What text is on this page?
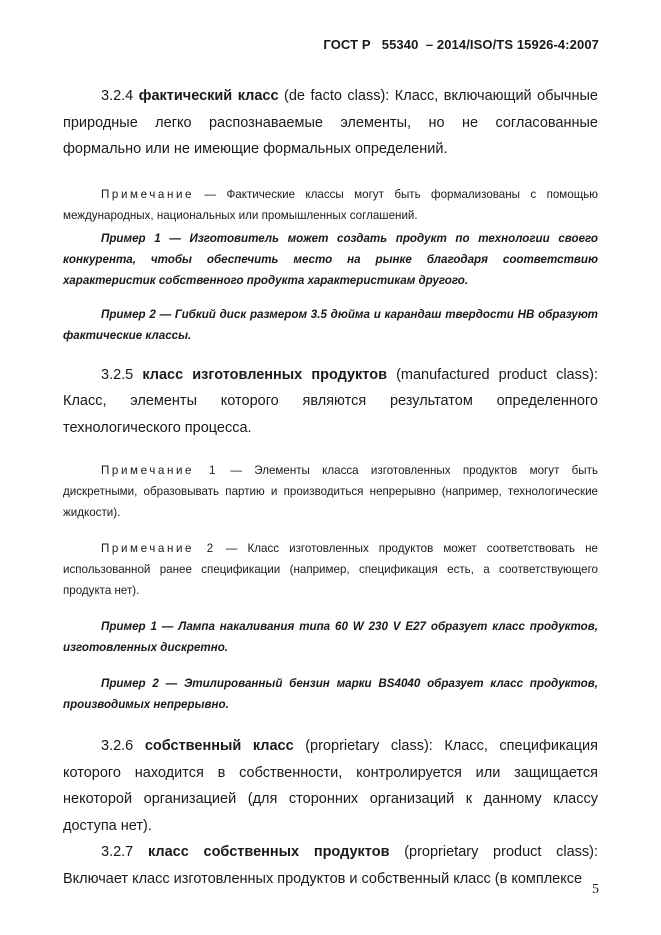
ГОСТ Р   55340  – 2014/ISO/TS 15926-4:2007

3.2.4 фактический класс (de facto class): Класс, включающий обычные природные легко распознаваемые элементы, но не согласованные формально или не имеющие формальных определений.

Примечание — Фактические классы могут быть формализованы с помощью международных, национальных или промышленных соглашений.

Пример 1 — Изготовитель может создать продукт по технологии своего конкурента, чтобы обеспечить место на рынке благодаря соответствию характеристик собственного продукта характеристикам другого.

Пример 2 — Гибкий диск размером 3.5 дюйма и карандаш твердости HB образуют фактические классы.

3.2.5 класс изготовленных продуктов (manufactured product class): Класс, элементы которого являются результатом определенного технологического процесса.

Примечание 1 — Элементы класса изготовленных продуктов могут быть дискретными, образовывать партию и производиться непрерывно (например, технологические жидкости).

Примечание 2 — Класс изготовленных продуктов может соответствовать не использованной ранее спецификации (например, спецификация есть, а соответствующего продукта нет).

Пример 1 — Лампа накаливания типа 60 W 230 V E27 образует класс продуктов, изготовленных дискретно.

Пример 2 — Этилированный бензин марки BS4040 образует класс продуктов, производимых непрерывно.

3.2.6 собственный класс (proprietary class): Класс, спецификация которого находится в собственности, контролируется или защищается некоторой организацией (для сторонних организаций к данному классу доступа нет).

3.2.7 класс собственных продуктов (proprietary product class): Включает класс изготовленных продуктов и собственный класс (в комплексе

5
